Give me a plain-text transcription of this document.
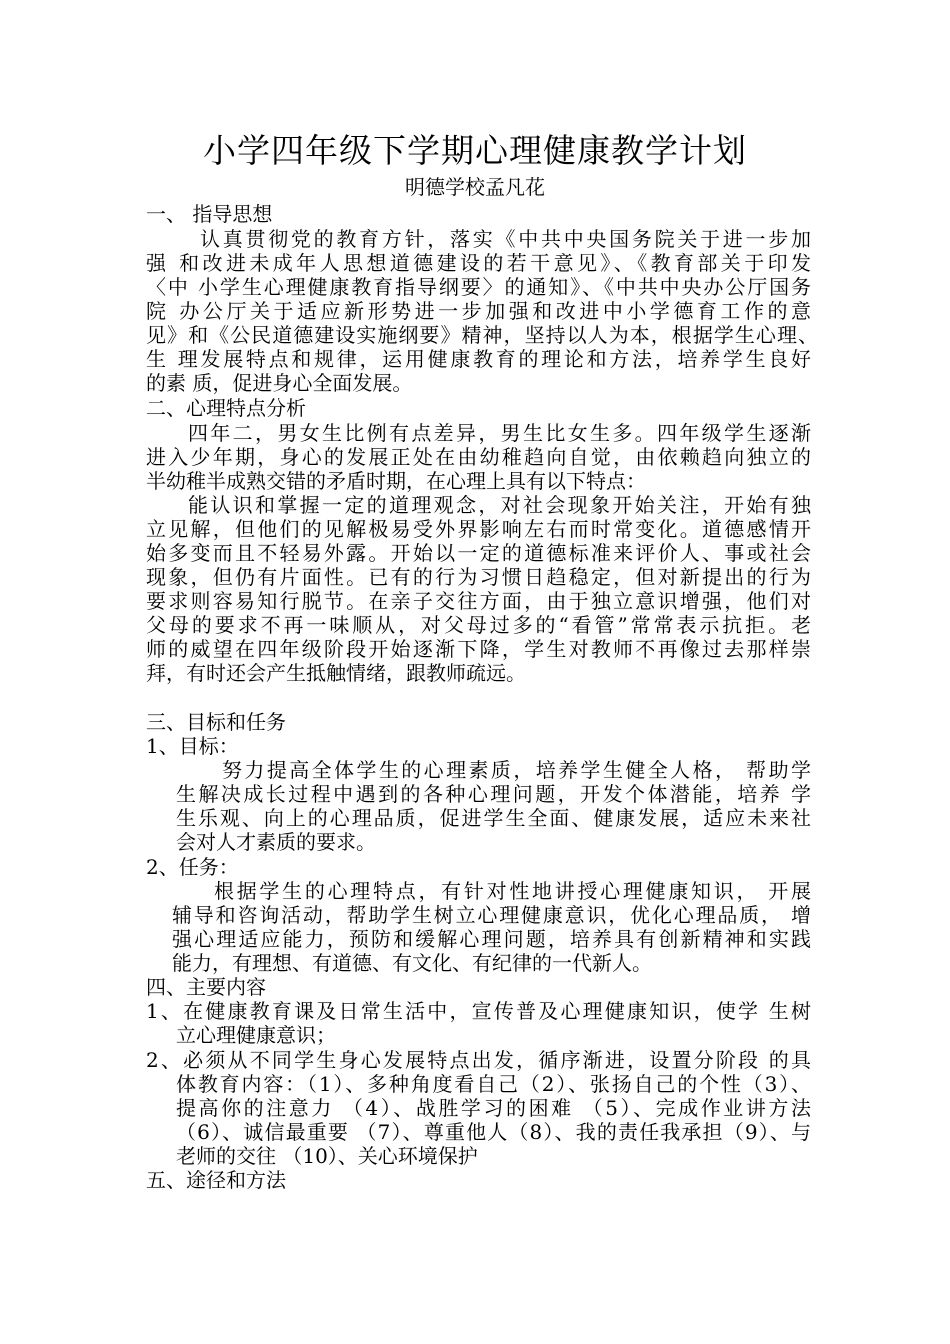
小学四年级下学期心理健康教学计划
明德学校孟凡花
一、 指导思想
认真贯彻党的教育方针，落实《中共中央国务院关于进一步加
强 和改进未成年人思想道德建设的若干意见》、《教育部关于印发
〈中 小学生心理健康教育指导纲要〉的通知》、《中共中央办公厅国务
院 办公厅关于适应新形势进一步加强和改进中小学德育工作的意
见》和《公民道德建设实施纲要》精神，坚持以人为本，根据学生心理、
生 理发展特点和规律，运用健康教育的理论和方法，培养学生良好
的素 质，促进身心全面发展。
二、心理特点分析
四年二，男女生比例有点差异，男生比女生多。四年级学生逐渐
进入少年期，身心的发展正处在由幼稚趋向自觉，由依赖趋向独立的
半幼稚半成熟交错的矛盾时期，在心理上具有以下特点：
能认识和掌握一定的道理观念，对社会现象开始关注，开始有独
立见解，但他们的见解极易受外界影响左右而时常变化。道德感情开
始多变而且不轻易外露。开始以一定的道德标准来评价人、事或社会
现象，但仍有片面性。已有的行为习惯日趋稳定，但对新提出的行为
要求则容易知行脱节。在亲子交往方面，由于独立意识增强，他们对
父母的要求不再一味顺从，对父母过多的“看管”常常表示抗拒。老
师的威望在四年级阶段开始逐渐下降，学生对教师不再像过去那样崇
拜，有时还会产生抵触情绪，跟教师疏远。
三、目标和任务
1、目标：
努力提高全体学生的心理素质，培养学生健全人格， 帮助学
生解决成长过程中遇到的各种心理问题，开发个体潜能，培养 学
生乐观、向上的心理品质，促进学生全面、健康发展，适应未来社
会对人才素质的要求。
2、任务：
根据学生的心理特点，有针对性地讲授心理健康知识， 开展
辅导和咨询活动，帮助学生树立心理健康意识，优化心理品质， 增
强心理适应能力，预防和缓解心理问题，培养具有创新精神和实践
能力，有理想、有道德、有文化、有纪律的一代新人。
四、主要内容
1、在健康教育课及日常生活中，宣传普及心理健康知识，使学 生树
立心理健康意识；
2、必须从不同学生身心发展特点出发，循序渐进，设置分阶段 的具
体教育内容：（1）、多种角度看自己（2）、张扬自己的个性（3）、
提高你的注意力 （4）、战胜学习的困难 （5）、完成作业讲方法
（6）、诚信最重要 （7）、尊重他人（8）、我的责任我承担（9）、与
老师的交往 （10）、关心环境保护
五、途径和方法
